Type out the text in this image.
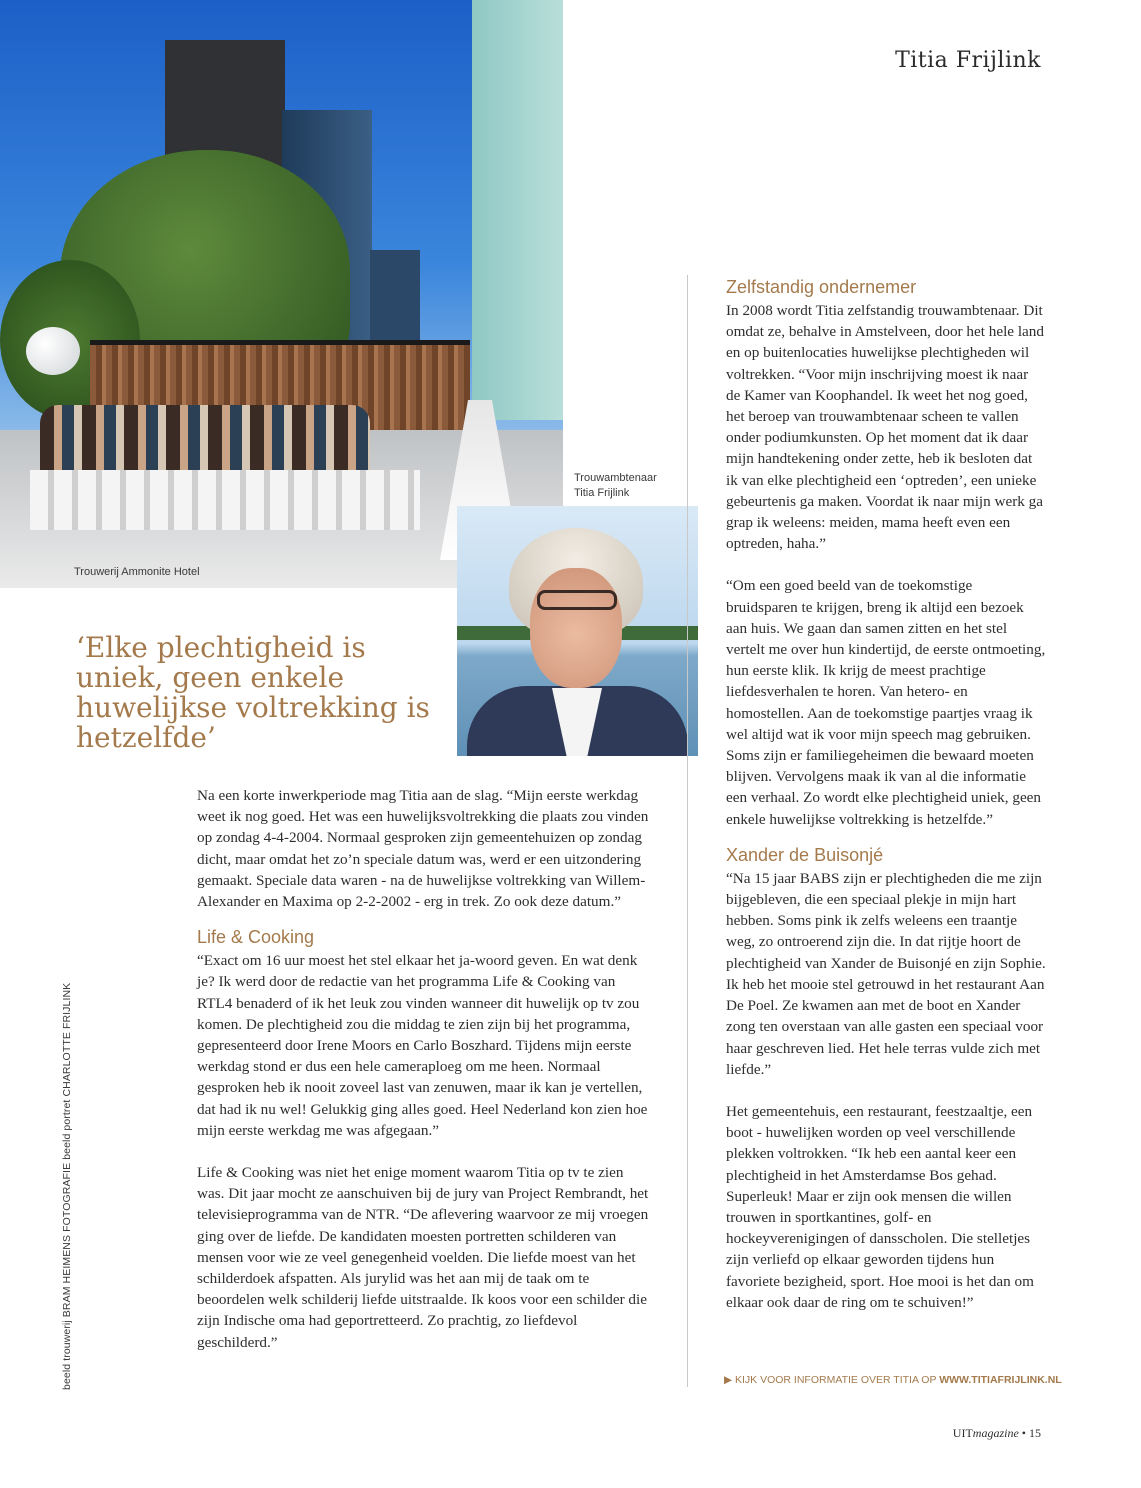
Trouwerij Ammonite Hotel
Titia Frijlink
Trouwambtenaar
Titia Frijlink
‘Elke plechtigheid is uniek, geen enkele huwelijkse voltrekking is hetzelfde’

Na een korte inwerkperiode mag Titia aan de slag. “Mijn eerste werkdag weet ik nog goed. Het was een huwelijksvoltrekking die plaats zou vinden op zondag 4-4-2004. Normaal gesproken zijn gemeentehuizen op zondag dicht, maar omdat het zo’n speciale datum was, werd er een uitzondering gemaakt. Speciale data waren - na de huwelijkse voltrekking van Willem-Alexander en Maxima op 2-2-2002 - erg in trek. Zo ook deze datum.”

Life & Cooking

“Exact om 16 uur moest het stel elkaar het ja-woord geven. En wat denk je? Ik werd door de redactie van het programma Life & Cooking van RTL4 benaderd of ik het leuk zou vinden wanneer dit huwelijk op tv zou komen. De plechtigheid zou die middag te zien zijn bij het programma, gepresenteerd door Irene Moors en Carlo Boszhard. Tijdens mijn eerste werkdag stond er dus een hele cameraploeg om me heen. Normaal gesproken heb ik nooit zoveel last van zenuwen, maar ik kan je vertellen, dat had ik nu wel! Gelukkig ging alles goed. Heel Nederland kon zien hoe mijn eerste werkdag me was afgegaan.”

Life & Cooking was niet het enige moment waarom Titia op tv te zien was. Dit jaar mocht ze aanschuiven bij de jury van Project Rembrandt, het televisieprogramma van de NTR. “De aflevering waarvoor ze mij vroegen ging over de liefde. De kandidaten moesten portretten schilderen van mensen voor wie ze veel genegenheid voelden. Die liefde moest van het schilderdoek afspatten. Als jurylid was het aan mij de taak om te beoordelen welk schilderij liefde uitstraalde. Ik koos voor een schilder die zijn Indische oma had geportretteerd. Zo prachtig, zo liefdevol geschilderd.”

Zelfstandig ondernemer

In 2008 wordt Titia zelfstandig trouwambtenaar. Dit omdat ze, behalve in Amstelveen, door het hele land en op buitenlocaties huwelijkse plechtigheden wil voltrekken. “Voor mijn inschrijving moest ik naar de Kamer van Koophandel. Ik weet het nog goed, het beroep van trouwambtenaar scheen te vallen onder podiumkunsten. Op het moment dat ik daar mijn handtekening onder zette, heb ik besloten dat ik van elke plechtigheid een ‘optreden’, een unieke gebeurtenis ga maken. Voordat ik naar mijn werk ga grap ik weleens: meiden, mama heeft even een optreden, haha.”

“Om een goed beeld van de toekomstige bruidsparen te krijgen, breng ik altijd een bezoek aan huis. We gaan dan samen zitten en het stel vertelt me over hun kindertijd, de eerste ontmoeting, hun eerste klik. Ik krijg de meest prachtige liefdesverhalen te horen. Van hetero- en homostellen. Aan de toekomstige paartjes vraag ik wel altijd wat ik voor mijn speech mag gebruiken. Soms zijn er familiegeheimen die bewaard moeten blijven. Vervolgens maak ik van al die informatie een verhaal. Zo wordt elke plechtigheid uniek, geen enkele huwelijkse voltrekking is hetzelfde.”

Xander de Buisonjé

“Na 15 jaar BABS zijn er plechtigheden die me zijn bijgebleven, die een speciaal plekje in mijn hart hebben. Soms pink ik zelfs weleens een traantje weg, zo ontroerend zijn die. In dat rijtje hoort de plechtigheid van Xander de Buisonjé en zijn Sophie. Ik heb het mooie stel getrouwd in het restaurant Aan De Poel. Ze kwamen aan met de boot en Xander zong ten overstaan van alle gasten een speciaal voor haar geschreven lied. Het hele terras vulde zich met liefde.”

Het gemeentehuis, een restaurant, feestzaaltje, een boot - huwelijken worden op veel verschillende plekken voltrokken. “Ik heb een aantal keer een plechtigheid in het Amsterdamse Bos gehad. Superleuk! Maar er zijn ook mensen die willen trouwen in sportkantines, golf- en hockeyverenigingen of dansscholen. Die stelletjes zijn verliefd op elkaar geworden tijdens hun favoriete bezigheid, sport. Hoe mooi is het dan om elkaar ook daar de ring om te schuiven!”

▶ KIJK VOOR INFORMATIE OVER TITIA OP WWW.TITIAFRIJLINK.NL
beeld trouwerij BRAM HEIMENS FOTOGRAFIE beeld portret CHARLOTTE FRIJLINK
UITmagazine • 15
